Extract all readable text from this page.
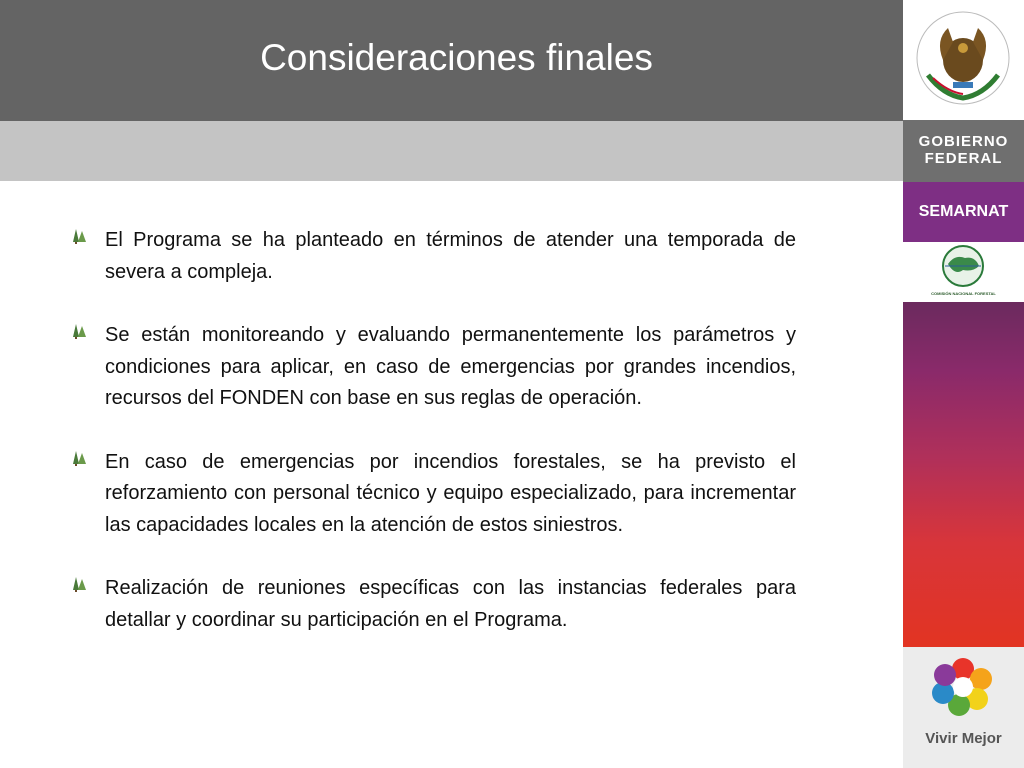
Consideraciones finales
GOBIERNO
FEDERAL
SEMARNAT
COMISIÓN NACIONAL FORESTAL
Vivir Mejor
El Programa se ha planteado en términos de atender una temporada de severa a compleja.
Se están monitoreando y evaluando permanentemente los parámetros y condiciones para aplicar, en caso de emergencias por grandes incendios, recursos del FONDEN con base en sus reglas de operación.
En caso de emergencias por incendios forestales, se ha previsto el reforzamiento con personal técnico y equipo especializado, para incrementar las capacidades locales en la atención de estos siniestros.
Realización de reuniones específicas con las instancias federales para detallar y coordinar su participación en el Programa.
